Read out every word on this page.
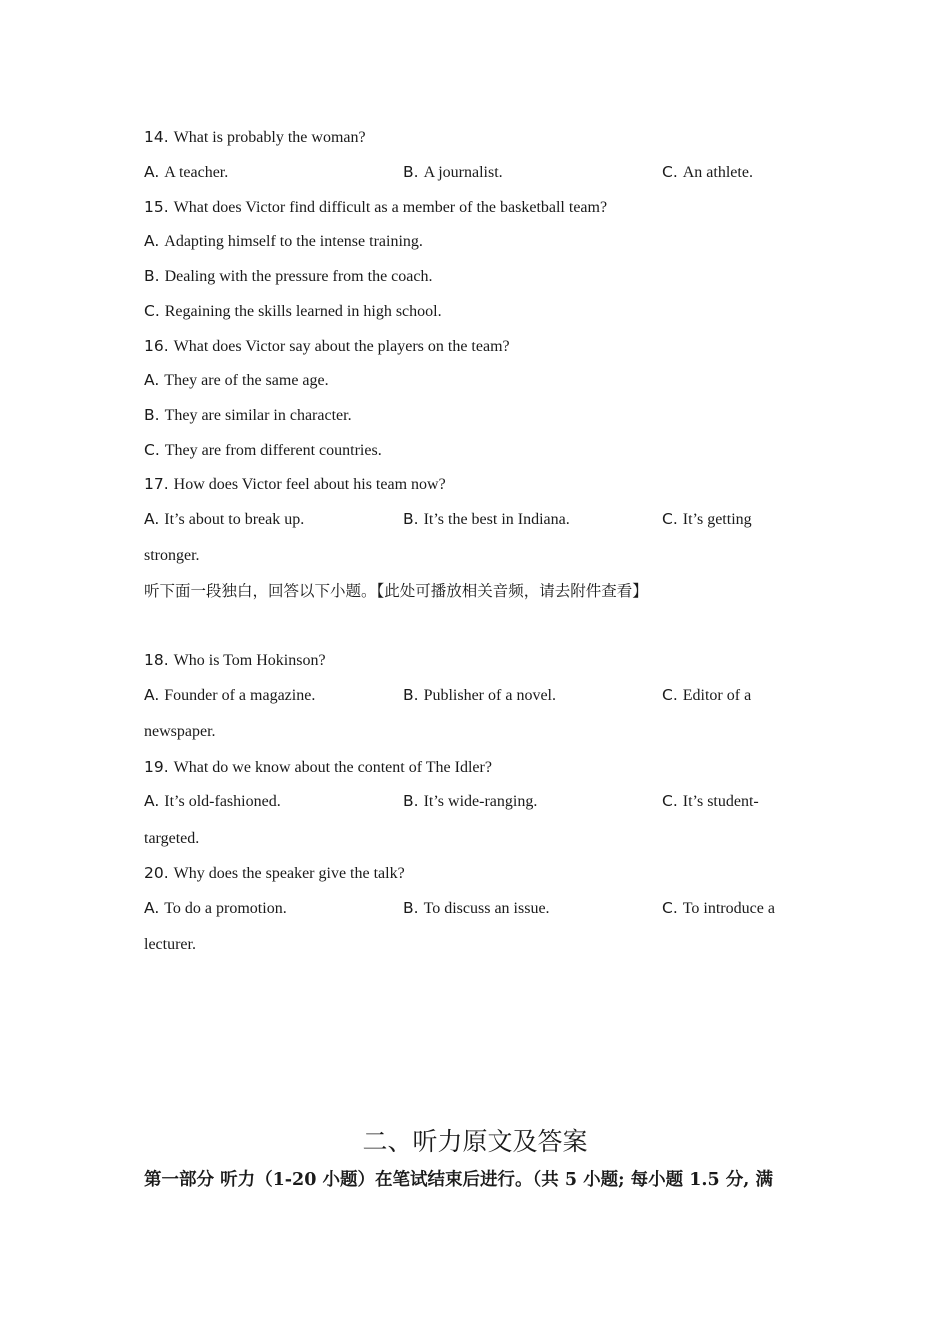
14. What is probably the woman?
A. A teacher.	B. A journalist.	C. An athlete.
15. What does Victor find difficult as a member of the basketball team?
A. Adapting himself to the intense training.
B. Dealing with the pressure from the coach.
C. Regaining the skills learned in high school.
16. What does Victor say about the players on the team?
A. They are of the same age.
B. They are similar in character.
C. They are from different countries.
17. How does Victor feel about his team now?
A. It’s about to break up.	B. It’s the best in Indiana.	C. It’s getting
stronger.
听下面一段独白，回答以下小题。【此处可播放相关音频，请去附件查看】
18. Who is Tom Hokinson?
A. Founder of a magazine.	B. Publisher of a novel.	C. Editor of a
newspaper.
19. What do we know about the content of The Idler?
A. It’s old-fashioned.	B. It’s wide-ranging.	C. It’s student-
targeted.
20. Why does the speaker give the talk?
A. To do a promotion.	B. To discuss an issue.	C. To introduce a
lecturer.
二、听力原文及答案
第一部分 听力（1-20 小题）在笔试结束后进行。（共 5 小题; 每小题 1.5 分, 满
